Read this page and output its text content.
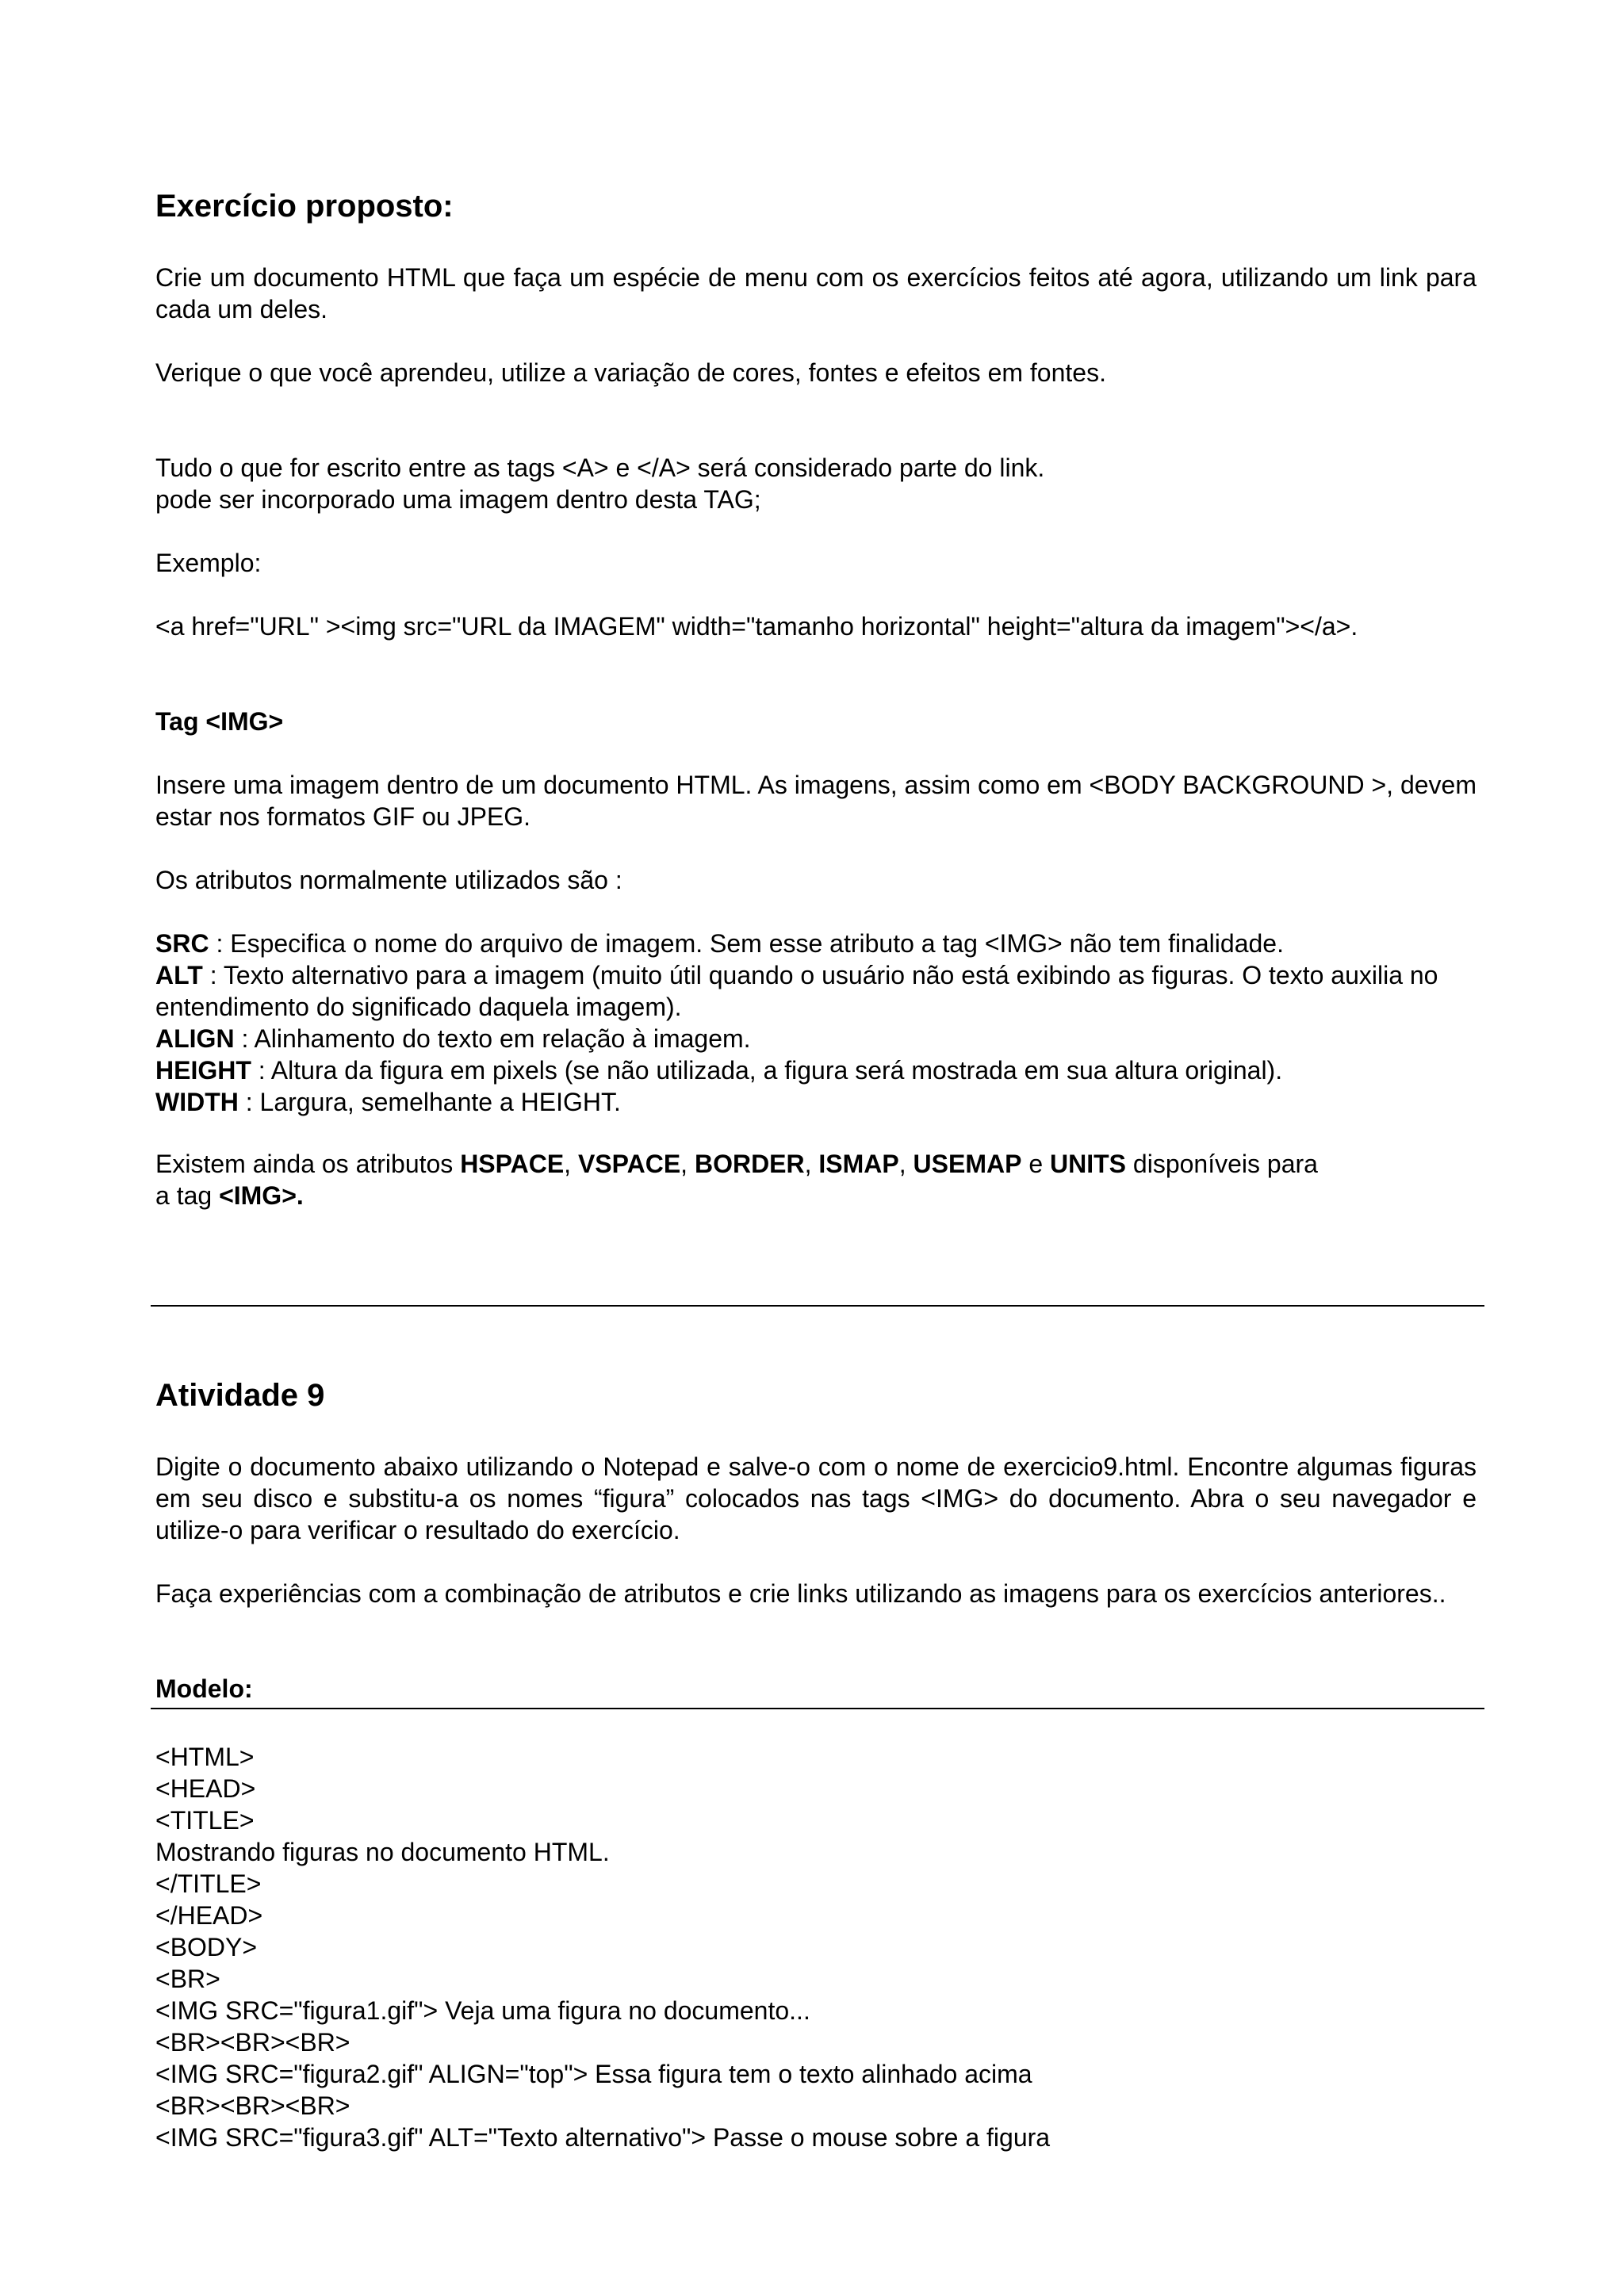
Exercício proposto:

Crie um documento HTML que faça um espécie de menu com os exercícios feitos até agora, utilizando um link para cada um deles.

Verique o que você aprendeu, utilize a variação de cores, fontes e efeitos em fontes.

Tudo o que for escrito entre as tags <A> e </A> será considerado parte do link.
pode ser incorporado uma imagem dentro desta TAG;

Exemplo:

<a href="URL" ><img src="URL da IMAGEM" width="tamanho horizontal" height="altura da imagem"></a>.

Tag <IMG>

Insere uma imagem dentro de um documento HTML. As imagens, assim como em <BODY BACKGROUND >, devem estar nos formatos GIF ou JPEG.

Os atributos normalmente utilizados são :

SRC : Especifica o nome do arquivo de imagem. Sem esse atributo a tag <IMG> não tem finalidade.
ALT : Texto alternativo para a imagem (muito útil quando o usuário não está exibindo as figuras. O texto auxilia no entendimento do significado daquela imagem).
ALIGN : Alinhamento do texto em relação à imagem.
HEIGHT : Altura da figura em pixels (se não utilizada, a figura será mostrada em sua altura original).
WIDTH : Largura, semelhante a HEIGHT.
Existem ainda os atributos HSPACE, VSPACE, BORDER, ISMAP, USEMAP e UNITS disponíveis para
a tag <IMG>.
Atividade 9

Digite o documento abaixo utilizando o Notepad e salve-o com o nome de exercicio9.html. Encontre algumas figuras em seu disco e substitu-a os nomes “figura” colocados nas tags <IMG> do documento. Abra o seu navegador e utilize-o para verificar o resultado do exercício.

Faça experiências com a combinação de atributos e crie links utilizando as imagens para os exercícios anteriores..

Modelo:

<HTML>
<HEAD>
<TITLE>
Mostrando figuras no documento HTML.
</TITLE>
</HEAD>
<BODY>
<BR>
<IMG SRC="figura1.gif"> Veja uma figura no documento...
<BR><BR><BR>
<IMG SRC="figura2.gif" ALIGN="top"> Essa figura tem o texto alinhado acima
<BR><BR><BR>
<IMG SRC="figura3.gif" ALT="Texto alternativo"> Passe o mouse sobre a figura
